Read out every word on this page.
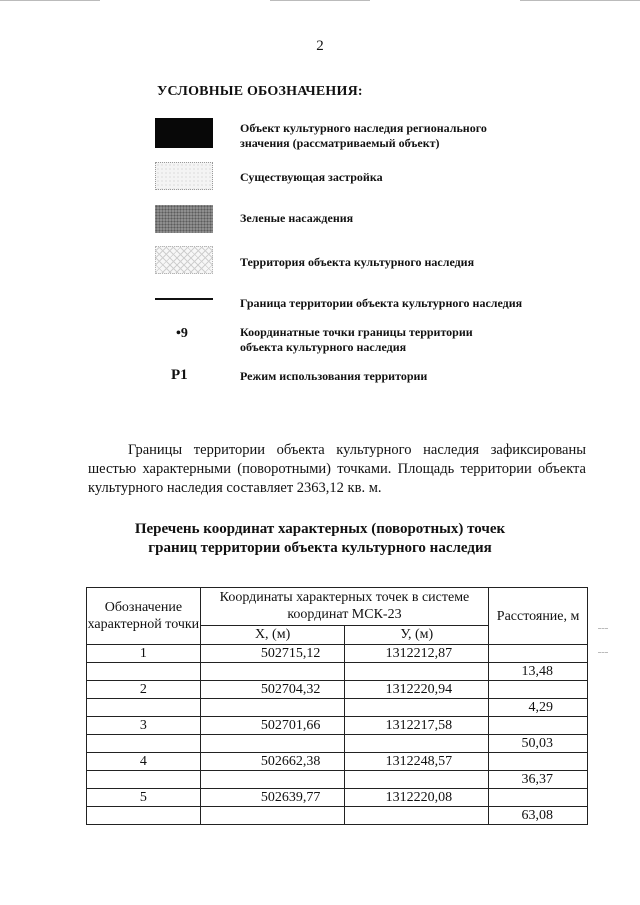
2
УСЛОВНЫЕ ОБОЗНАЧЕНИЯ:
Объект культурного наследия регионального значения (рассматриваемый объект)
Существующая застройка
Зеленые насаждения
Территория объекта культурного наследия
Граница территории объекта культурного наследия
•9	Координатные точки границы территории объекта культурного наследия
Р1	Режим использования территории
Границы территории объекта культурного наследия зафиксированы шестью характерными (поворотными) точками. Площадь территории объекта культурного наследия составляет 2363,12 кв. м.
Перечень координат характерных (поворотных) точек
границ территории объекта культурного наследия
Обозначение характерной точки	Координаты характерных точек в системе координат МСК-23		Расстояние, м
	Х, (м)	У, (м)	
1	502715,12	1312212,87	
			13,48
2	502704,32	1312220,94	
			4,29
3	502701,66	1312217,58	
			50,03
4	502662,38	1312248,57	
			36,37
5	502639,77	1312220,08	
			63,08
